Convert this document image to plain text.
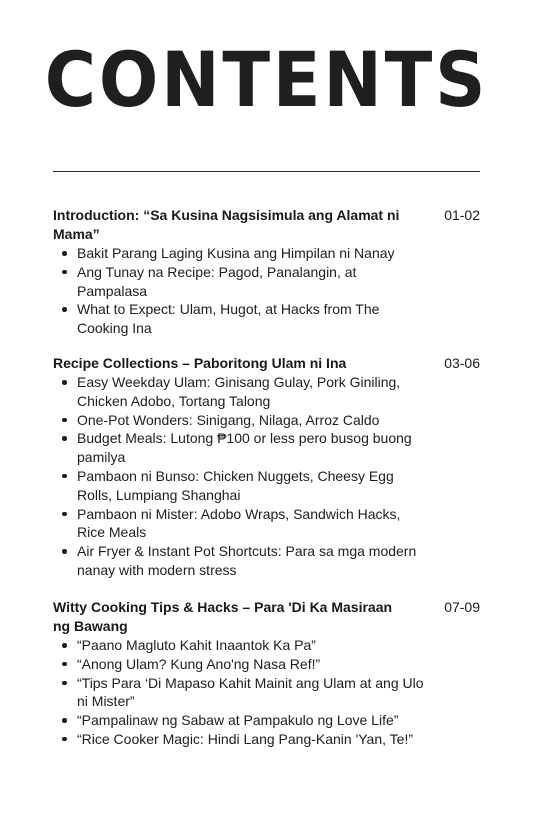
CONTENTS
Introduction: “Sa Kusina Nagsisimula ang Alamat ni Mama”
01-02
Bakit Parang Laging Kusina ang Himpilan ni Nanay
Ang Tunay na Recipe: Pagod, Panalangin, at Pampalasa
What to Expect: Ulam, Hugot, at Hacks from The Cooking Ina
Recipe Collections – Paboritong Ulam ni Ina	03-06
Easy Weekday Ulam: Ginisang Gulay, Pork Giniling, Chicken Adobo, Tortang Talong
One-Pot Wonders: Sinigang, Nilaga, Arroz Caldo
Budget Meals: Lutong ₱100 or less pero busog buong pamilya
Pambaon ni Bunso: Chicken Nuggets, Cheesy Egg Rolls, Lumpiang Shanghai
Pambaon ni Mister: Adobo Wraps, Sandwich Hacks, Rice Meals
Air Fryer & Instant Pot Shortcuts: Para sa mga modern nanay with modern stress
Witty Cooking Tips & Hacks – Para 'Di Ka Masiraan ng Bawang
07-09
“Paano Magluto Kahit Inaantok Ka Pa”
“Anong Ulam? Kung Ano'ng Nasa Ref!”
“Tips Para ‘Di Mapaso Kahit Mainit ang Ulam at ang Ulo ni Mister”
“Pampalinaw ng Sabaw at Pampakulo ng Love Life”
“Rice Cooker Magic: Hindi Lang Pang-Kanin 'Yan, Te!”
